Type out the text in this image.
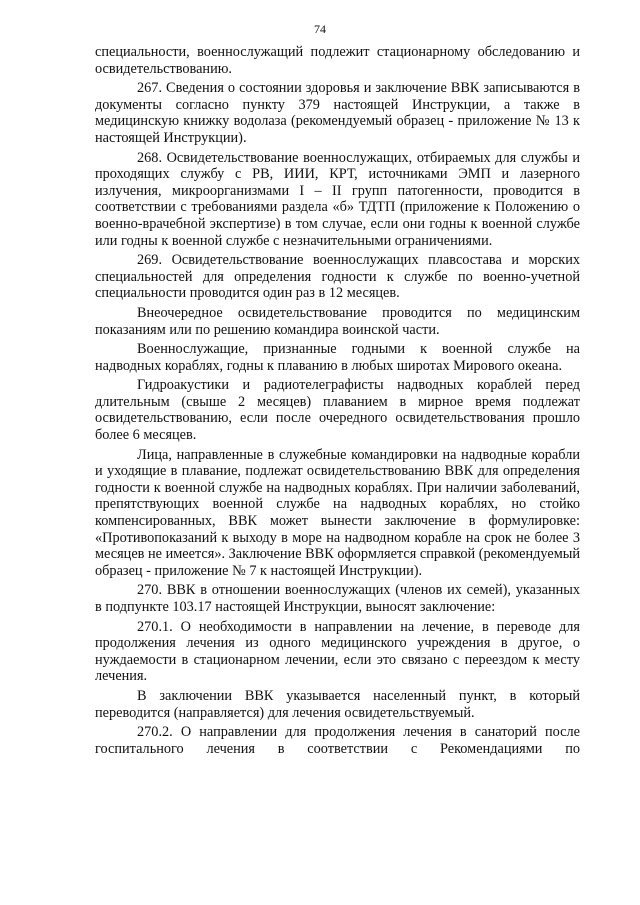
74

специальности, военнослужащий подлежит стационарному обследованию и освидетельствованию.

267. Сведения о состоянии здоровья и заключение ВВК записываются в документы согласно пункту 379 настоящей Инструкции, а также в медицинскую книжку водолаза (рекомендуемый образец - приложение № 13 к настоящей Инструкции).

268. Освидетельствование военнослужащих, отбираемых для службы и проходящих службу с РВ, ИИИ, КРТ, источниками ЭМП и лазерного излучения, микроорганизмами I – II групп патогенности, проводится в соответствии с требованиями раздела «б» ТДТП (приложение к Положению о военно-врачебной экспертизе) в том случае, если они годны к военной службе или годны к военной службе с незначительными ограничениями.

269. Освидетельствование военнослужащих плавсостава и морских специальностей для определения годности к службе по военно-учетной специальности проводится один раз в 12 месяцев.

Внеочередное освидетельствование проводится по медицинским показаниям или по решению командира воинской части.

Военнослужащие, признанные годными к военной службе на надводных кораблях, годны к плаванию в любых широтах Мирового океана.

Гидроакустики и радиотелеграфисты надводных кораблей перед длительным (свыше 2 месяцев) плаванием в мирное время подлежат освидетельствованию, если после очередного освидетельствования прошло более 6 месяцев.

Лица, направленные в служебные командировки на надводные корабли и уходящие в плавание, подлежат освидетельствованию ВВК для определения годности к военной службе на надводных кораблях. При наличии заболеваний, препятствующих военной службе на надводных кораблях, но стойко компенсированных, ВВК может вынести заключение в формулировке: «Противопоказаний к выходу в море на надводном корабле на срок не более 3 месяцев не имеется». Заключение ВВК оформляется справкой (рекомендуемый образец - приложение № 7 к настоящей Инструкции).

270. ВВК в отношении военнослужащих (членов их семей), указанных в подпункте 103.17 настоящей Инструкции, выносят заключение:

270.1. О необходимости в направлении на лечение, в переводе для продолжения лечения из одного медицинского учреждения в другое, о нуждаемости в стационарном лечении, если это связано с переездом к месту лечения.

В заключении ВВК указывается населенный пункт, в который переводится (направляется) для лечения освидетельствуемый.

270.2. О направлении для продолжения лечения в санаторий после госпитального лечения в соответствии с Рекомендациями по
